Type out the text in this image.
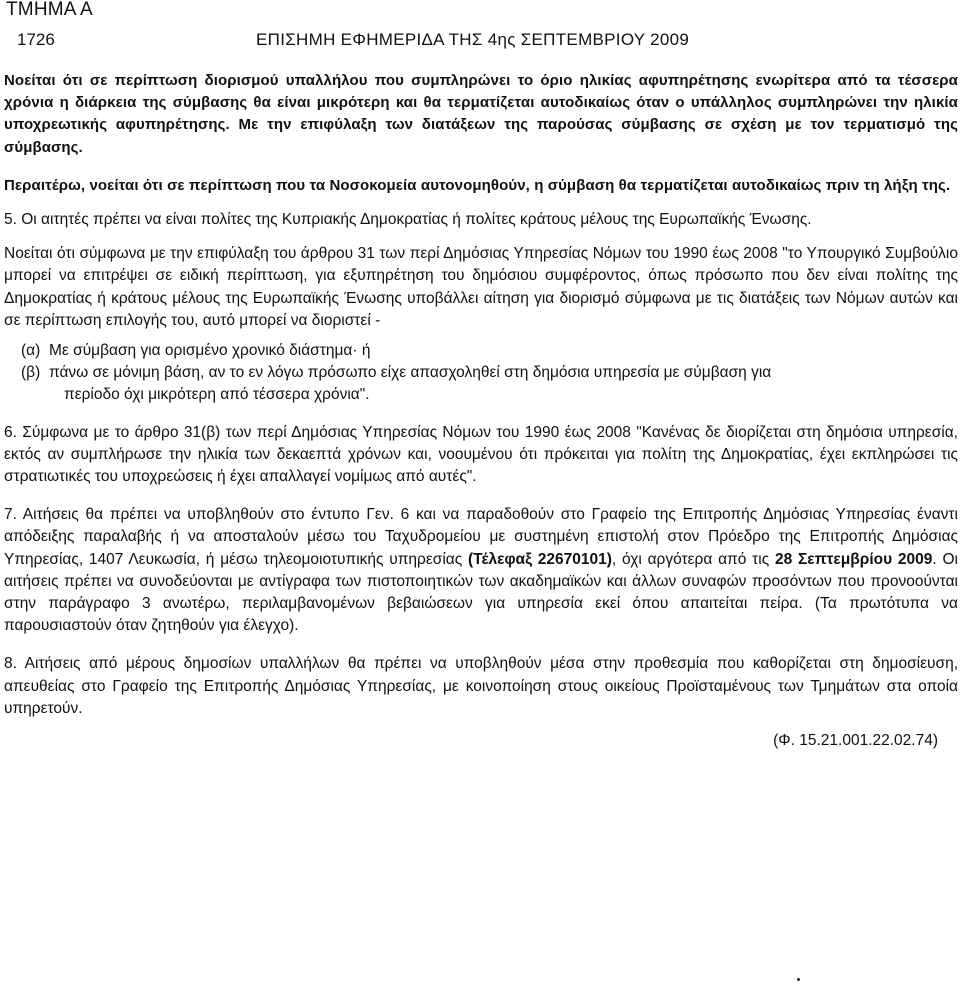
ΤΜΗΜΑ Α
1726	ΕΠΙΣΗΜΗ ΕΦΗΜΕΡΙΔΑ ΤΗΣ 4ης ΣΕΠΤΕΜΒΡΙΟΥ 2009

Νοείται ότι σε περίπτωση διορισμού υπαλλήλου που συμπληρώνει το όριο ηλικίας αφυπηρέτησης ενωρίτερα από τα τέσσερα χρόνια η διάρκεια της σύμβασης θα είναι μικρότερη και θα τερματίζεται αυτοδικαίως όταν ο υπάλληλος συμπληρώνει την ηλικία υποχρεωτικής αφυπηρέτησης. Με την επιφύλαξη των διατάξεων της παρούσας σύμβασης σε σχέση με τον τερματισμό της σύμβασης.

Περαιτέρω, νοείται ότι σε περίπτωση που τα Νοσοκομεία αυτονομηθούν, η σύμβαση θα τερματίζεται αυτοδικαίως πριν τη λήξη της.

5. Οι αιτητές πρέπει να είναι πολίτες της Κυπριακής Δημοκρατίας ή πολίτες κράτους μέλους της Ευρωπαϊκής Ένωσης.

Νοείται ότι σύμφωνα με την επιφύλαξη του άρθρου 31 των περί Δημόσιας Υπηρεσίας Νόμων του 1990 έως 2008 "το Υπουργικό Συμβούλιο μπορεί να επιτρέψει σε ειδική περίπτωση, για εξυπηρέτηση του δημόσιου συμφέροντος, όπως πρόσωπο που δεν είναι πολίτης της Δημοκρατίας ή κράτους μέλους της Ευρωπαϊκής Ένωσης υποβάλλει αίτηση για διορισμό σύμφωνα με τις διατάξεις των Νόμων αυτών και σε περίπτωση επιλογής του, αυτό μπορεί να διοριστεί -

(α) Με σύμβαση για ορισμένο χρονικό διάστημα· ή

(β) πάνω σε μόνιμη βάση, αν το εν λόγω πρόσωπο είχε απασχοληθεί στη δημόσια υπηρεσία με σύμβαση για

περίοδο όχι μικρότερη από τέσσερα χρόνια".

6. Σύμφωνα με το άρθρο 31(β) των περί Δημόσιας Υπηρεσίας Νόμων του 1990 έως 2008 "Κανένας δε διορίζεται στη δημόσια υπηρεσία, εκτός αν συμπλήρωσε την ηλικία των δεκαεπτά χρόνων και, νοουμένου ότι πρόκειται για πολίτη της Δημοκρατίας, έχει εκπληρώσει τις στρατιωτικές του υποχρεώσεις ή έχει απαλλαγεί νομίμως από αυτές".

7. Αιτήσεις θα πρέπει να υποβληθούν στο έντυπο Γεν. 6 και να παραδοθούν στο Γραφείο της Επιτροπής Δημόσιας Υπηρεσίας έναντι απόδειξης παραλαβής ή να αποσταλούν μέσω του Ταχυδρομείου με συστημένη επιστολή στον Πρόεδρο της Επιτροπής Δημόσιας Υπηρεσίας, 1407 Λευκωσία, ή μέσω τηλεομοιοτυπικής υπηρεσίας (Τέλεφαξ 22670101), όχι αργότερα από τις 28 Σεπτεμβρίου 2009. Οι αιτήσεις πρέπει να συνοδεύονται με αντίγραφα των πιστοποιητικών των ακαδημαϊκών και άλλων συναφών προσόντων που προνοούνται στην παράγραφο 3 ανωτέρω, περιλαμβανομένων βεβαιώσεων για υπηρεσία εκεί όπου απαιτείται πείρα. (Τα πρωτότυπα να παρουσιαστούν όταν ζητηθούν για έλεγχο).

8. Αιτήσεις από μέρους δημοσίων υπαλλήλων θα πρέπει να υποβληθούν μέσα στην προθεσμία που καθορίζεται στη δημοσίευση, απευθείας στο Γραφείο της Επιτροπής Δημόσιας Υπηρεσίας, με κοινοποίηση στους οικείους Προϊσταμένους των Τμημάτων στα οποία υπηρετούν.

(Φ. 15.21.001.22.02.74)
